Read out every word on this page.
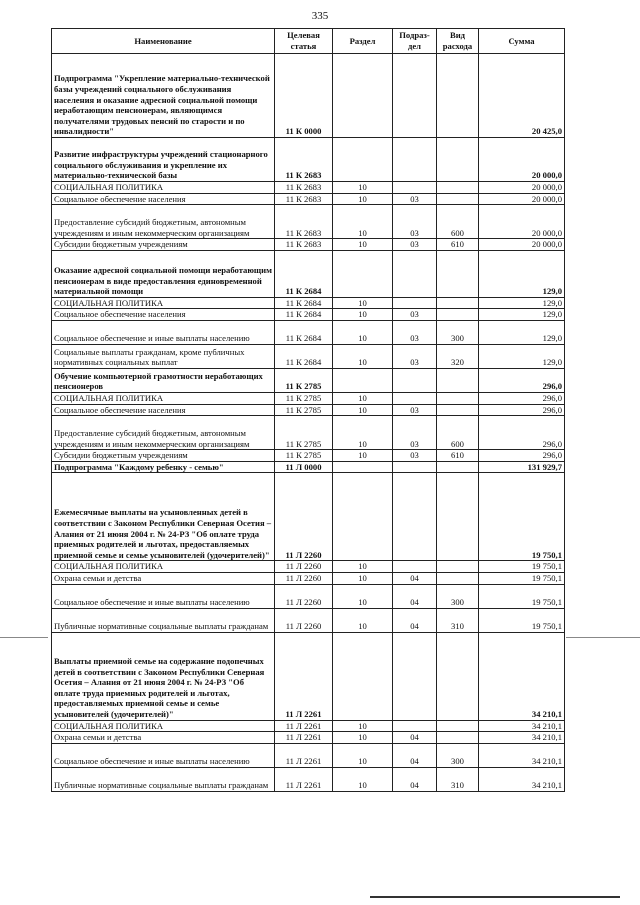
335
Наименование	Целевая статья	Раздел	Подраз-дел	Вид расхода	Сумма
Подпрограмма "Укрепление материально-технической базы учреждений социального обслуживания населения и оказание адресной социальной помощи неработающим пенсионерам, являющимся получателями трудовых пенсий по старости и по инвалидности"	11 К 0000				20 425,0

Развитие инфраструктуры учреждений стационарного социального обслуживания и укрепление их материально-технической базы	11 К 2683				20 000,0
СОЦИАЛЬНАЯ ПОЛИТИКА	11 К 2683	10			20 000,0
Социальное обеспечение населения	11 К 2683	10	03		20 000,0
Предоставление субсидий бюджетным, автономным учреждениям и иным некоммерческим организациям	11 К 2683	10	03	600	20 000,0
Субсидии бюджетным учреждениям	11 К 2683	10	03	610	20 000,0
Оказание адресной социальной помощи неработающим пенсионерам в виде предоставления единовременной материальной помощи	11 К 2684				129,0
СОЦИАЛЬНАЯ ПОЛИТИКА	11 К 2684	10			129,0
Социальное обеспечение населения	11 К 2684	10	03		129,0
Социальное обеспечение и иные выплаты населению	11 К 2684	10	03	300	129,0
Социальные выплаты гражданам, кроме публичных нормативных социальных выплат	11 К 2684	10	03	320	129,0
Обучение компьютерной грамотности неработающих пенсионеров	11 К 2785				296,0
СОЦИАЛЬНАЯ ПОЛИТИКА	11 К 2785	10			296,0
Социальное обеспечение населения	11 К 2785	10	03		296,0
Предоставление субсидий бюджетным, автономным учреждениям и иным некоммерческим организациям	11 К 2785	10	03	600	296,0
Субсидии бюджетным учреждениям	11 К 2785	10	03	610	296,0
Подпрограмма "Каждому ребенку - семью"	11 Л 0000				131 929,7

Ежемесячные выплаты на усыновленных детей в соответствии с Законом Республики Северная Осетия – Алания от 21 июня 2004 г. № 24-РЗ "Об оплате труда приемных родителей и льготах, предоставляемых приемной семье и семье усыновителей (удочерителей)"	11 Л 2260				19 750,1
СОЦИАЛЬНАЯ ПОЛИТИКА	11 Л 2260	10			19 750,1
Охрана семьи и детства	11 Л 2260	10	04		19 750,1
Социальное обеспечение и иные выплаты населению	11 Л 2260	10	04	300	19 750,1
Публичные нормативные социальные выплаты гражданам	11 Л 2260	10	04	310	19 750,1
Выплаты приемной семье на содержание подопечных детей в соответствии с Законом Республики Северная Осетия – Алания от 21 июня 2004 г. № 24-РЗ "Об оплате труда приемных родителей и льготах, предоставляемых приемной семье и семье усыновителей (удочерителей)"	11 Л 2261				34 210,1
СОЦИАЛЬНАЯ ПОЛИТИКА	11 Л 2261	10			34 210,1
Охрана семьи и детства	11 Л 2261	10	04		34 210,1
Социальное обеспечение и иные выплаты населению	11 Л 2261	10	04	300	34 210,1
Публичные нормативные социальные выплаты гражданам	11 Л 2261	10	04	310	34 210,1
